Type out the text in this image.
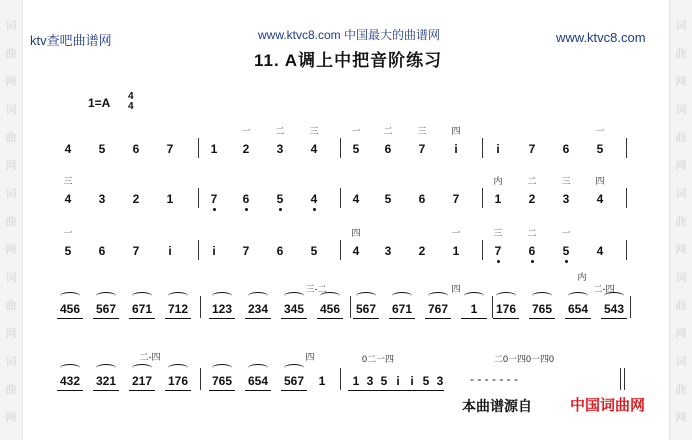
词
曲
网
词
曲
网
词
曲
网
词
曲
网
词
曲
网
词
曲
网
词
曲
网
词
曲
网
词
曲
网
词
曲
网
ktv查吧曲谱网	www.ktvc8.com 中国最大的曲谱网	www.ktvc8.com
11. A调上中把音阶练习
1=A 4
4
4 5 6 7	1 2 3 4	5 6 7 i	i 7 6 5
一	二	三	一	二	三	四	一
4 3 2 1	7 6 5 4	4 5 6 7	1 2 3 4
三	内	二	三	四
5 6 7 i	i 7 6 5	4 3 2 1	7 6 5 4
一	四	一	三	二	一
456 567 671 712 123 234 345 456 567 671 767 1 176 765 654 543
三-二	四
内
二-四
432 321 217 176 765 654 567 1 1 3 5 i i 5 3 - - - - - - -
二-四	四	0二一四	二0一四0一四0
本曲谱源自	中国词曲网
